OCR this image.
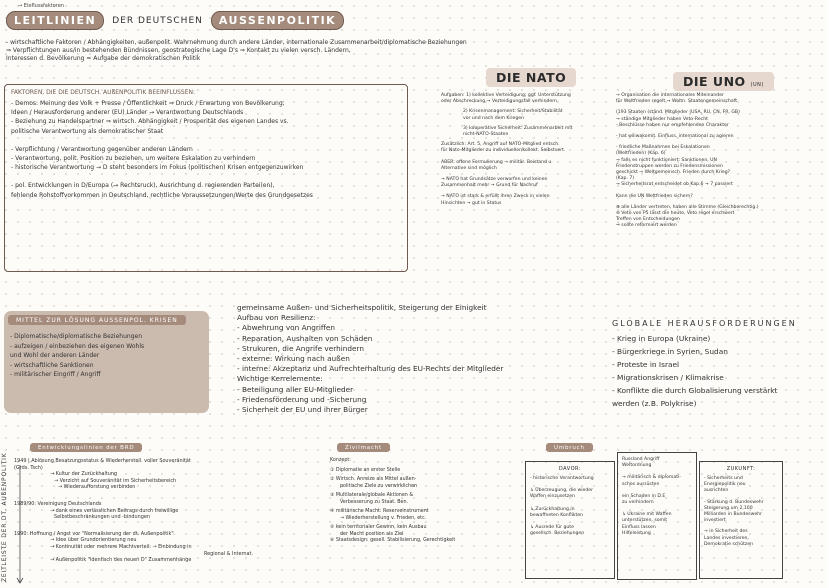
→ Einflussfaktoren
LEITLINIEN	DER DEUTSCHEN	AUSSENPOLITIK
- wirtschaftliche Faktoren / Abhängigkeiten, außenpolit. Wahrnehmung durch andere Länder, internationale Zusammenarbeit/diplomatische Beziehungen
⇒ Verpflichtungen aus/in bestehenden Bündnissen, geostrategische Lage D's ⇒ Kontakt zu vielen versch. Ländern,
Interessen d. Bevölkerung = Aufgabe der demokratischen Politik
FAKTOREN, DIE DIE DEUTSCH. AUßENPOLITIK BEEINFLUSSEN:
- Demos: Meinung des Volk + Presse / Öffentlichkeit ⇒ Druck / Erwartung von Bevölkerung;
Ideen / Herausforderung anderer (EU) Länder → Verantwortung Deutschlands
- Beziehung zu Handelspartner ⇒ wirtsch. Abhängigkeit / Prosperität des eigenen Landes vs.
politische Verantwortung als demokratischer Staat
- Verpflichtung / Verantwortung gegenüber anderen Ländern
- Verantwortung, polit. Position zu beziehen, um weitere Eskalation zu verhindern
- historische Verantwortung → D steht besonders im Fokus (politischen) Krisen entgegenzuwirken
- pol. Entwicklungen in D/Europa (→ Rechtsruck), Ausrichtung d. regierenden Partei(en),
fehlende Rohstoffvorkommen in Deutschland, rechtliche Voraussetzungen/Werte des Grundgesetzes
DIE NATO
Aufgaben: 1) kollektive Verteidigung; ggf. Unterstützung
oder Abschreckung → Verteidigungsfall verhindern
2) Krisenmanagement: Sicherheit/Stabilität
vor und nach dem Kriegen
3) kooperative Sicherheit: Zusammenarbeit mit
nicht-NATO-Staaten
Zusätzlich: Art. 5, Angriff auf NATO-Mitglied entsch.
für Nato-Mitglieder zu individueller/kollekt. Selbstvert.
ABER: offene Formulierung → militär. Beistand u.
Alternative sind möglich
→ NATO hat Grundsätze verworfen und keinen
Zusammenhalt mehr → Grund für Nachruf
→ NATO ist stark & erfüllt ihren Zweck in vielen
Hinsichten → gut in Status
DIE UNO (UN)
→ Organisation die internationales Miteinander
für Weltfrieden regelt → Weltn. Staatengemeinschaft
(193 Staaten (ständ. Mitglieder (USA, RU, CN, FR, GB)
→ ständige Mitglieder haben Veto-Recht
- Beschlüsse haben nur empfehlenden Charakter
- hat wiliwakomit. Einfluss, international zu agieren
- friedliche Maßnahmen bei Eskalationen
(Weltfrieden) (Kap. 6)
→ falls es nicht funktioniert: Sanktionen, UN
Friedenstruppen werden zu Friedensmissionen
geschickt → Weltgemeinsch. Frieden durch Krieg?
(Kap. 7)
→ Sicherheitsrat entscheidet ob Kap.6 → 7 passiert
Kann die UN Weltfrieden sichern?
⊕ alle Länder vertreten, haben alle Stimme (Gleichberechtig.)
⊖ Veto von P5 lässt die heute, Veto regel erschwert
Treffen von Entscheidungen
⇒ sollte reformiert werden
MITTEL ZUR LÖSUNG AUSSENPOL. KRISEN
- Diplomatische/diplomatische Beziehungen
- aufzeigen / einbeziehen des eigenen Wohls
und Wohl der anderen Länder
- wirtschaftliche Sanktionen
- militärischer Eingriff / Angriff
gemeinsame Außen- und Sicherheitspolitik, Steigerung der Einigkeit
Aufbau von Resilienz:
- Abwehrung von Angriffen
- Reparation, Aushalten von Schäden
- Strukuren, die Angrife verhindern
- externe: Wirkung nach außen
- interne: Akzeptanz und Aufrechterhaltung des EU-Rechts der Mitglieder
Wichtige Kerrelemente:
- Beteiligung aller EU-Mitglieder
- Friedensförderung und -Sicherung
- Sicherheit der EU und ihrer Bürger
GLOBALE HERAUSFORDERUNGEN
- Krieg in Europa (Ukraine)
- Bürgerkriege in Syrien, Sudan
- Proteste in Israel
- Migrationskrisen / Klimakrise
- Konflikte die durch Globalisierung verstärkt
werden (z.B. Polykrise)
ZEITLEISTE DER DT. AUßENPOLITIK
Entwicklungslinien der BRD
1949 | Ablösung Besatzungsstatus & Wiederherstell. voller Souveränität
(Grds. Tsch)
→ Kultur der Zurückhaltung
→ Verzicht auf Souveränität im Sicherheitsbereich
→ Wiederaufforstung verbinden
1989/90: Vereinigung Deutschlands
→ dank eines verlässlichen Beitrags durch freiwillige
Selbstbeschränkungen und -bindungen
1990: Hoffnung / Angst vor "Normalisierung der dt. Außenpolitik"
→ Idee über Grundorientierung neu
→ Kontinuität oder mehrere Machtverteil. → Einbindung in
Regional & Internat.
→ Außenpolitik "identisch des neuen D" Zusammenhänge
Zivilmacht
Konzept:
① Diplomatie an erster Stelle
② Wirtsch. Anreize als Mittel außen-
politische Ziele zu verwirklichen
③ Multilaterale/globale Aktionen &
Verbesserung zu Staat. Ben.
④ militärische Macht: Reserveinstrument
→ Wiederherstellung v. Frieden, etc.
⑤ kein territorialer Gewinn, kein Ausbau
der Macht position als Ziel
⑥ Staatsdesign: gesell. Stabilisierung, Gerechtigkeit
Umbruch
DAVOR:
- historische Verantwortung
↳ Überzeugung, die wieder
Waffen einzusetzen
↳ Zurückhaltung in
bewaffneten Konflikten
↳ Ausrede für gute
gesellsch. Beziehungen
Russland Angriff
Weltordnung
→ militärisch & diplomati-
sches ausrüsten
ein Schaden in D.E
zu verhindern
↳ Ukraine mit Waffen
unterstützen, somit
Einfluss lassen
Hilfeleistung
ZUKUNFT:
- Sicherheits und
Energiepolitik neu
ausrichten
- Stärkung d. Bundeswehr
Steigerung um 2,100
Milliarden in Bundeswehr
investiert
→ in Sicherheit des
Landes investieren,
Demokratie schützen
